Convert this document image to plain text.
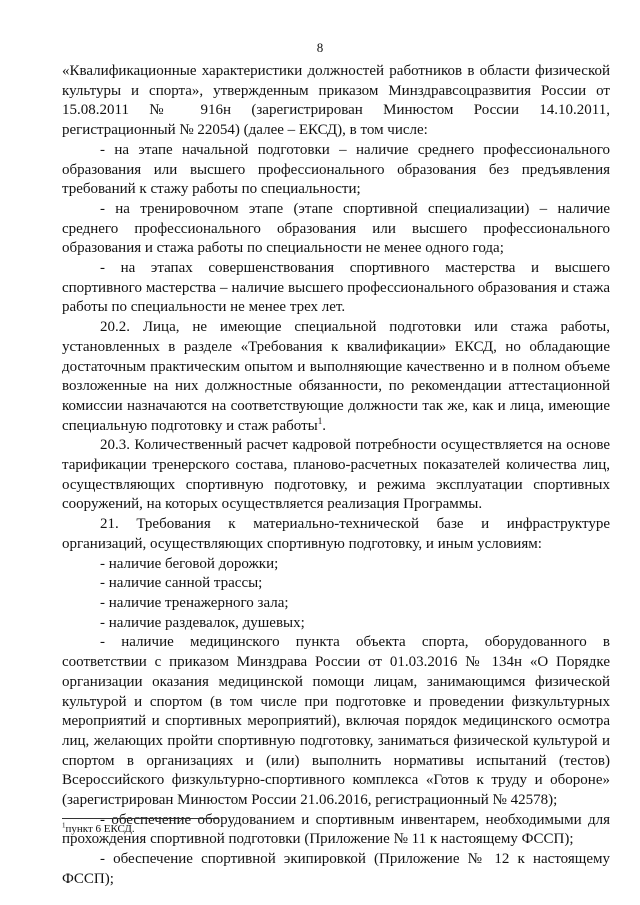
8

«Квалификационные характеристики должностей работников в области физической культуры и спорта», утвержденным приказом Минздравсоцразвития России от 15.08.2011 № 916н (зарегистрирован Минюстом России 14.10.2011, регистрационный № 22054) (далее – ЕКСД), в том числе:

- на этапе начальной подготовки – наличие среднего профессионального образования или высшего профессионального образования без предъявления требований к стажу работы по специальности;

- на тренировочном этапе (этапе спортивной специализации) – наличие среднего профессионального образования или высшего профессионального образования и стажа работы по специальности не менее одного года;

- на этапах совершенствования спортивного мастерства и высшего спортивного мастерства – наличие высшего профессионального образования и стажа работы по специальности не менее трех лет.

20.2. Лица, не имеющие специальной подготовки или стажа работы, установленных в разделе «Требования к квалификации» ЕКСД, но обладающие достаточным практическим опытом и выполняющие качественно и в полном объеме возложенные на них должностные обязанности, по рекомендации аттестационной комиссии назначаются на соответствующие должности так же, как и лица, имеющие специальную подготовку и стаж работы$^1$.

20.3. Количественный расчет кадровой потребности осуществляется на основе тарификации тренерского состава, планово-расчетных показателей количества лиц, осуществляющих спортивную подготовку, и режима эксплуатации спортивных сооружений, на которых осуществляется реализация Программы.

21. Требования к материально-технической базе и инфраструктуре организаций, осуществляющих спортивную подготовку, и иным условиям:

- наличие беговой дорожки;

- наличие санной трассы;

- наличие тренажерного зала;

- наличие раздевалок, душевых;

- наличие медицинского пункта объекта спорта, оборудованного в соответствии с приказом Минздрава России от 01.03.2016 № 134н «О Порядке организации оказания медицинской помощи лицам, занимающимся физической культурой и спортом (в том числе при подготовке и проведении физкультурных мероприятий и спортивных мероприятий), включая порядок медицинского осмотра лиц, желающих пройти спортивную подготовку, заниматься физической культурой и спортом в организациях и (или) выполнить нормативы испытаний (тестов) Всероссийского физкультурно-спортивного комплекса «Готов к труду и обороне» (зарегистрирован Минюстом России 21.06.2016, регистрационный № 42578);

- обеспечение оборудованием и спортивным инвентарем, необходимыми для прохождения спортивной подготовки (Приложение № 11 к настоящему ФССП);

- обеспечение спортивной экипировкой (Приложение № 12 к настоящему ФССП);

$^1$пункт 6 ЕКСД.
